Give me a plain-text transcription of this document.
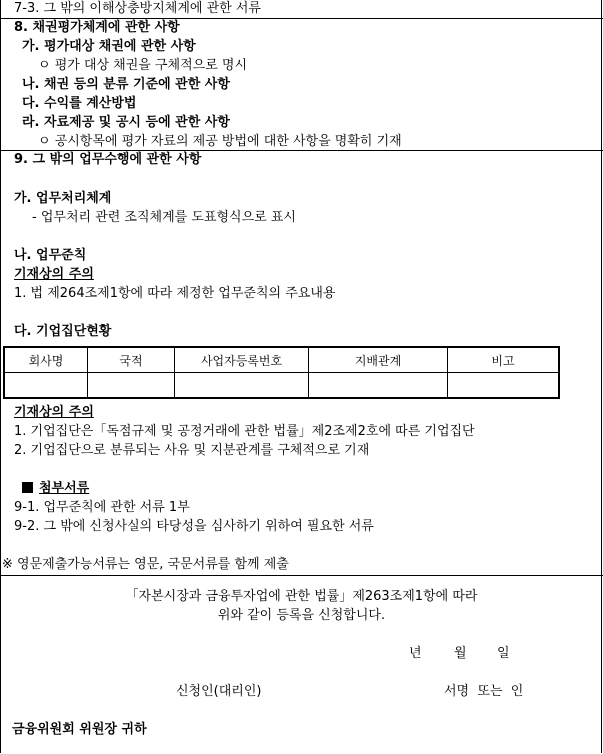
7-3. 그 밖의 이해상충방지체계에 관한 서류
8. 채권평가체계에 관한 사항
가. 평가대상 채권에 관한 사항
ㅇ 평가 대상 채권을 구체적으로 명시
나. 채권 등의 분류 기준에 관한 사항
다. 수익를 계산방법
라. 자료제공 및 공시 등에 관한 사항
ㅇ 공시항목에 평가 자료의 제공 방법에 대한 사항을 명확히 기재
9. 그 밖의 업무수행에 관한 사항
가. 업무처리체계
- 업무처리 관련 조직체계를 도표형식으로 표시
나. 업무준칙
기재상의 주의
1. 법 제264조제1항에 따라 제정한 업무준칙의 주요내용
다. 기업집단현황
회사명	국적	사업자등록번호	지배관계	비고

기재상의 주의
1. 기업집단은「독점규제 및 공정거래에 관한 법률」제2조제2호에 따른 기업집단
2. 기업집단으로 분류되는 사유 및 지분관계를 구체적으로 기재
첨부서류
9-1. 업무준칙에 관한 서류 1부
9-2. 그 밖에 신청사실의 타당성을 심사하기 위하여 필요한 서류
※ 영문제출가능서류는 영문, 국문서류를 함께 제출
「자본시장과 금융투자업에 관한 법률」제263조제1항에 따라
위와 같이 등록을 신청합니다.
년 월 일
신청인(대리인)	서명  또는  인
금융위원회 위원장 귀하
